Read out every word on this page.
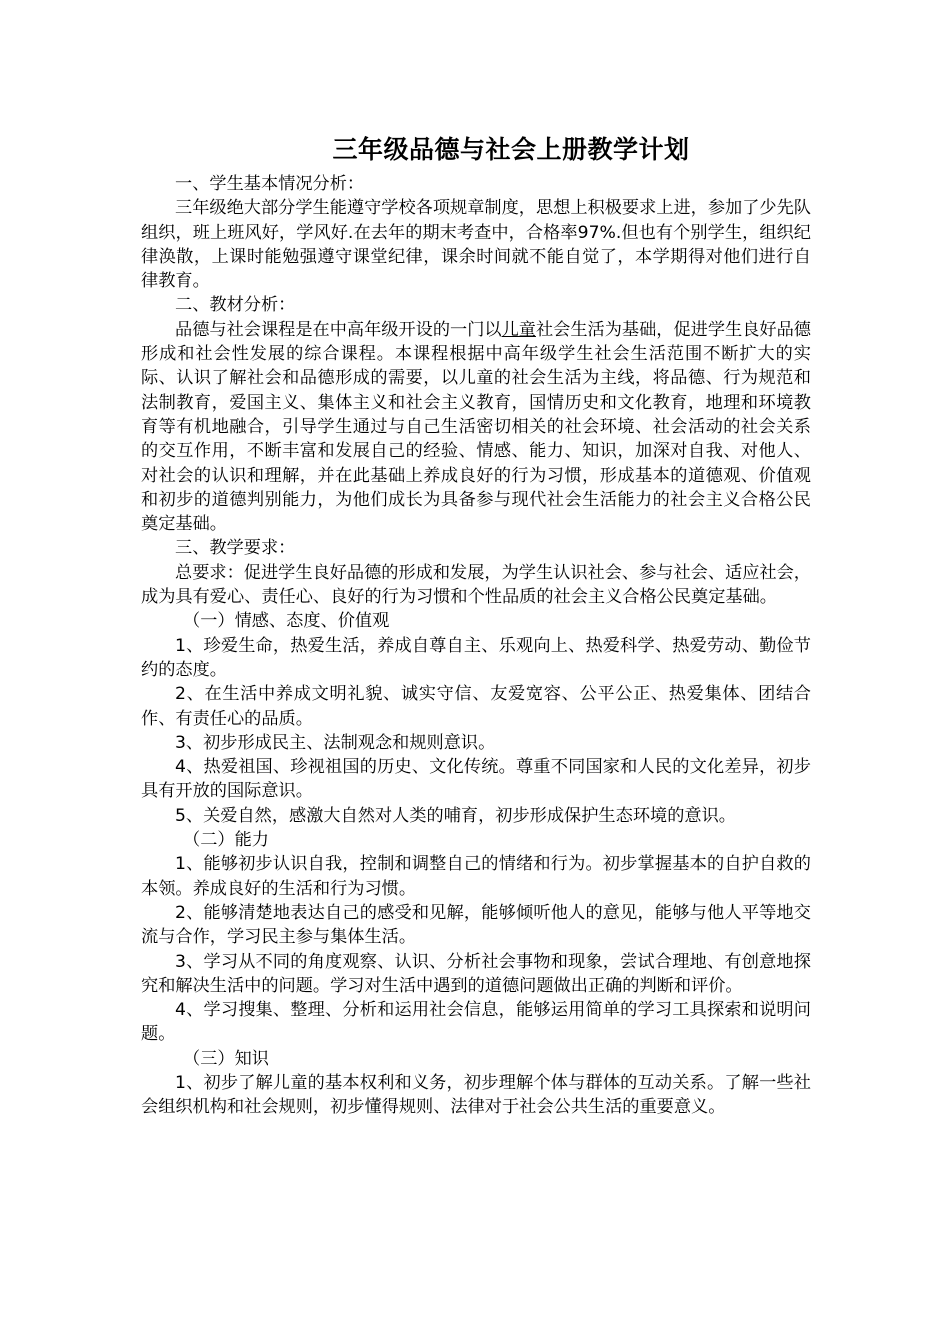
三年级品德与社会上册教学计划

一、学生基本情况分析：

三年级绝大部分学生能遵守学校各项规章制度，思想上积极要求上进，参加了少先队组织，班上班风好，学风好.在去年的期末考查中，合格率97%.但也有个别学生，组织纪律涣散，上课时能勉强遵守课堂纪律，课余时间就不能自觉了，本学期得对他们进行自律教育。

二、教材分析：

品德与社会课程是在中高年级开设的一门以儿童社会生活为基础，促进学生良好品德形成和社会性发展的综合课程。本课程根据中高年级学生社会生活范围不断扩大的实际、认识了解社会和品德形成的需要，以儿童的社会生活为主线，将品德、行为规范和法制教育，爱国主义、集体主义和社会主义教育，国情历史和文化教育，地理和环境教育等有机地融合，引导学生通过与自己生活密切相关的社会环境、社会活动的社会关系的交互作用，不断丰富和发展自己的经验、情感、能力、知识，加深对自我、对他人、对社会的认识和理解，并在此基础上养成良好的行为习惯，形成基本的道德观、价值观和初步的道德判别能力，为他们成长为具备参与现代社会生活能力的社会主义合格公民奠定基础。

三、教学要求：

总要求：促进学生良好品德的形成和发展，为学生认识社会、参与社会、适应社会，成为具有爱心、责任心、良好的行为习惯和个性品质的社会主义合格公民奠定基础。

（一）情感、态度、价值观

1、珍爱生命，热爱生活，养成自尊自主、乐观向上、热爱科学、热爱劳动、勤俭节约的态度。

2、在生活中养成文明礼貌、诚实守信、友爱宽容、公平公正、热爱集体、团结合作、有责任心的品质。

3、初步形成民主、法制观念和规则意识。

4、热爱祖国、珍视祖国的历史、文化传统。尊重不同国家和人民的文化差异，初步具有开放的国际意识。

5、关爱自然，感激大自然对人类的哺育，初步形成保护生态环境的意识。

（二）能力

1、能够初步认识自我，控制和调整自己的情绪和行为。初步掌握基本的自护自救的本领。养成良好的生活和行为习惯。

2、能够清楚地表达自己的感受和见解，能够倾听他人的意见，能够与他人平等地交流与合作，学习民主参与集体生活。

3、学习从不同的角度观察、认识、分析社会事物和现象，尝试合理地、有创意地探究和解决生活中的问题。学习对生活中遇到的道德问题做出正确的判断和评价。

4、学习搜集、整理、分析和运用社会信息，能够运用简单的学习工具探索和说明问题。

（三）知识

1、初步了解儿童的基本权利和义务，初步理解个体与群体的互动关系。了解一些社会组织机构和社会规则，初步懂得规则、法律对于社会公共生活的重要意义。
